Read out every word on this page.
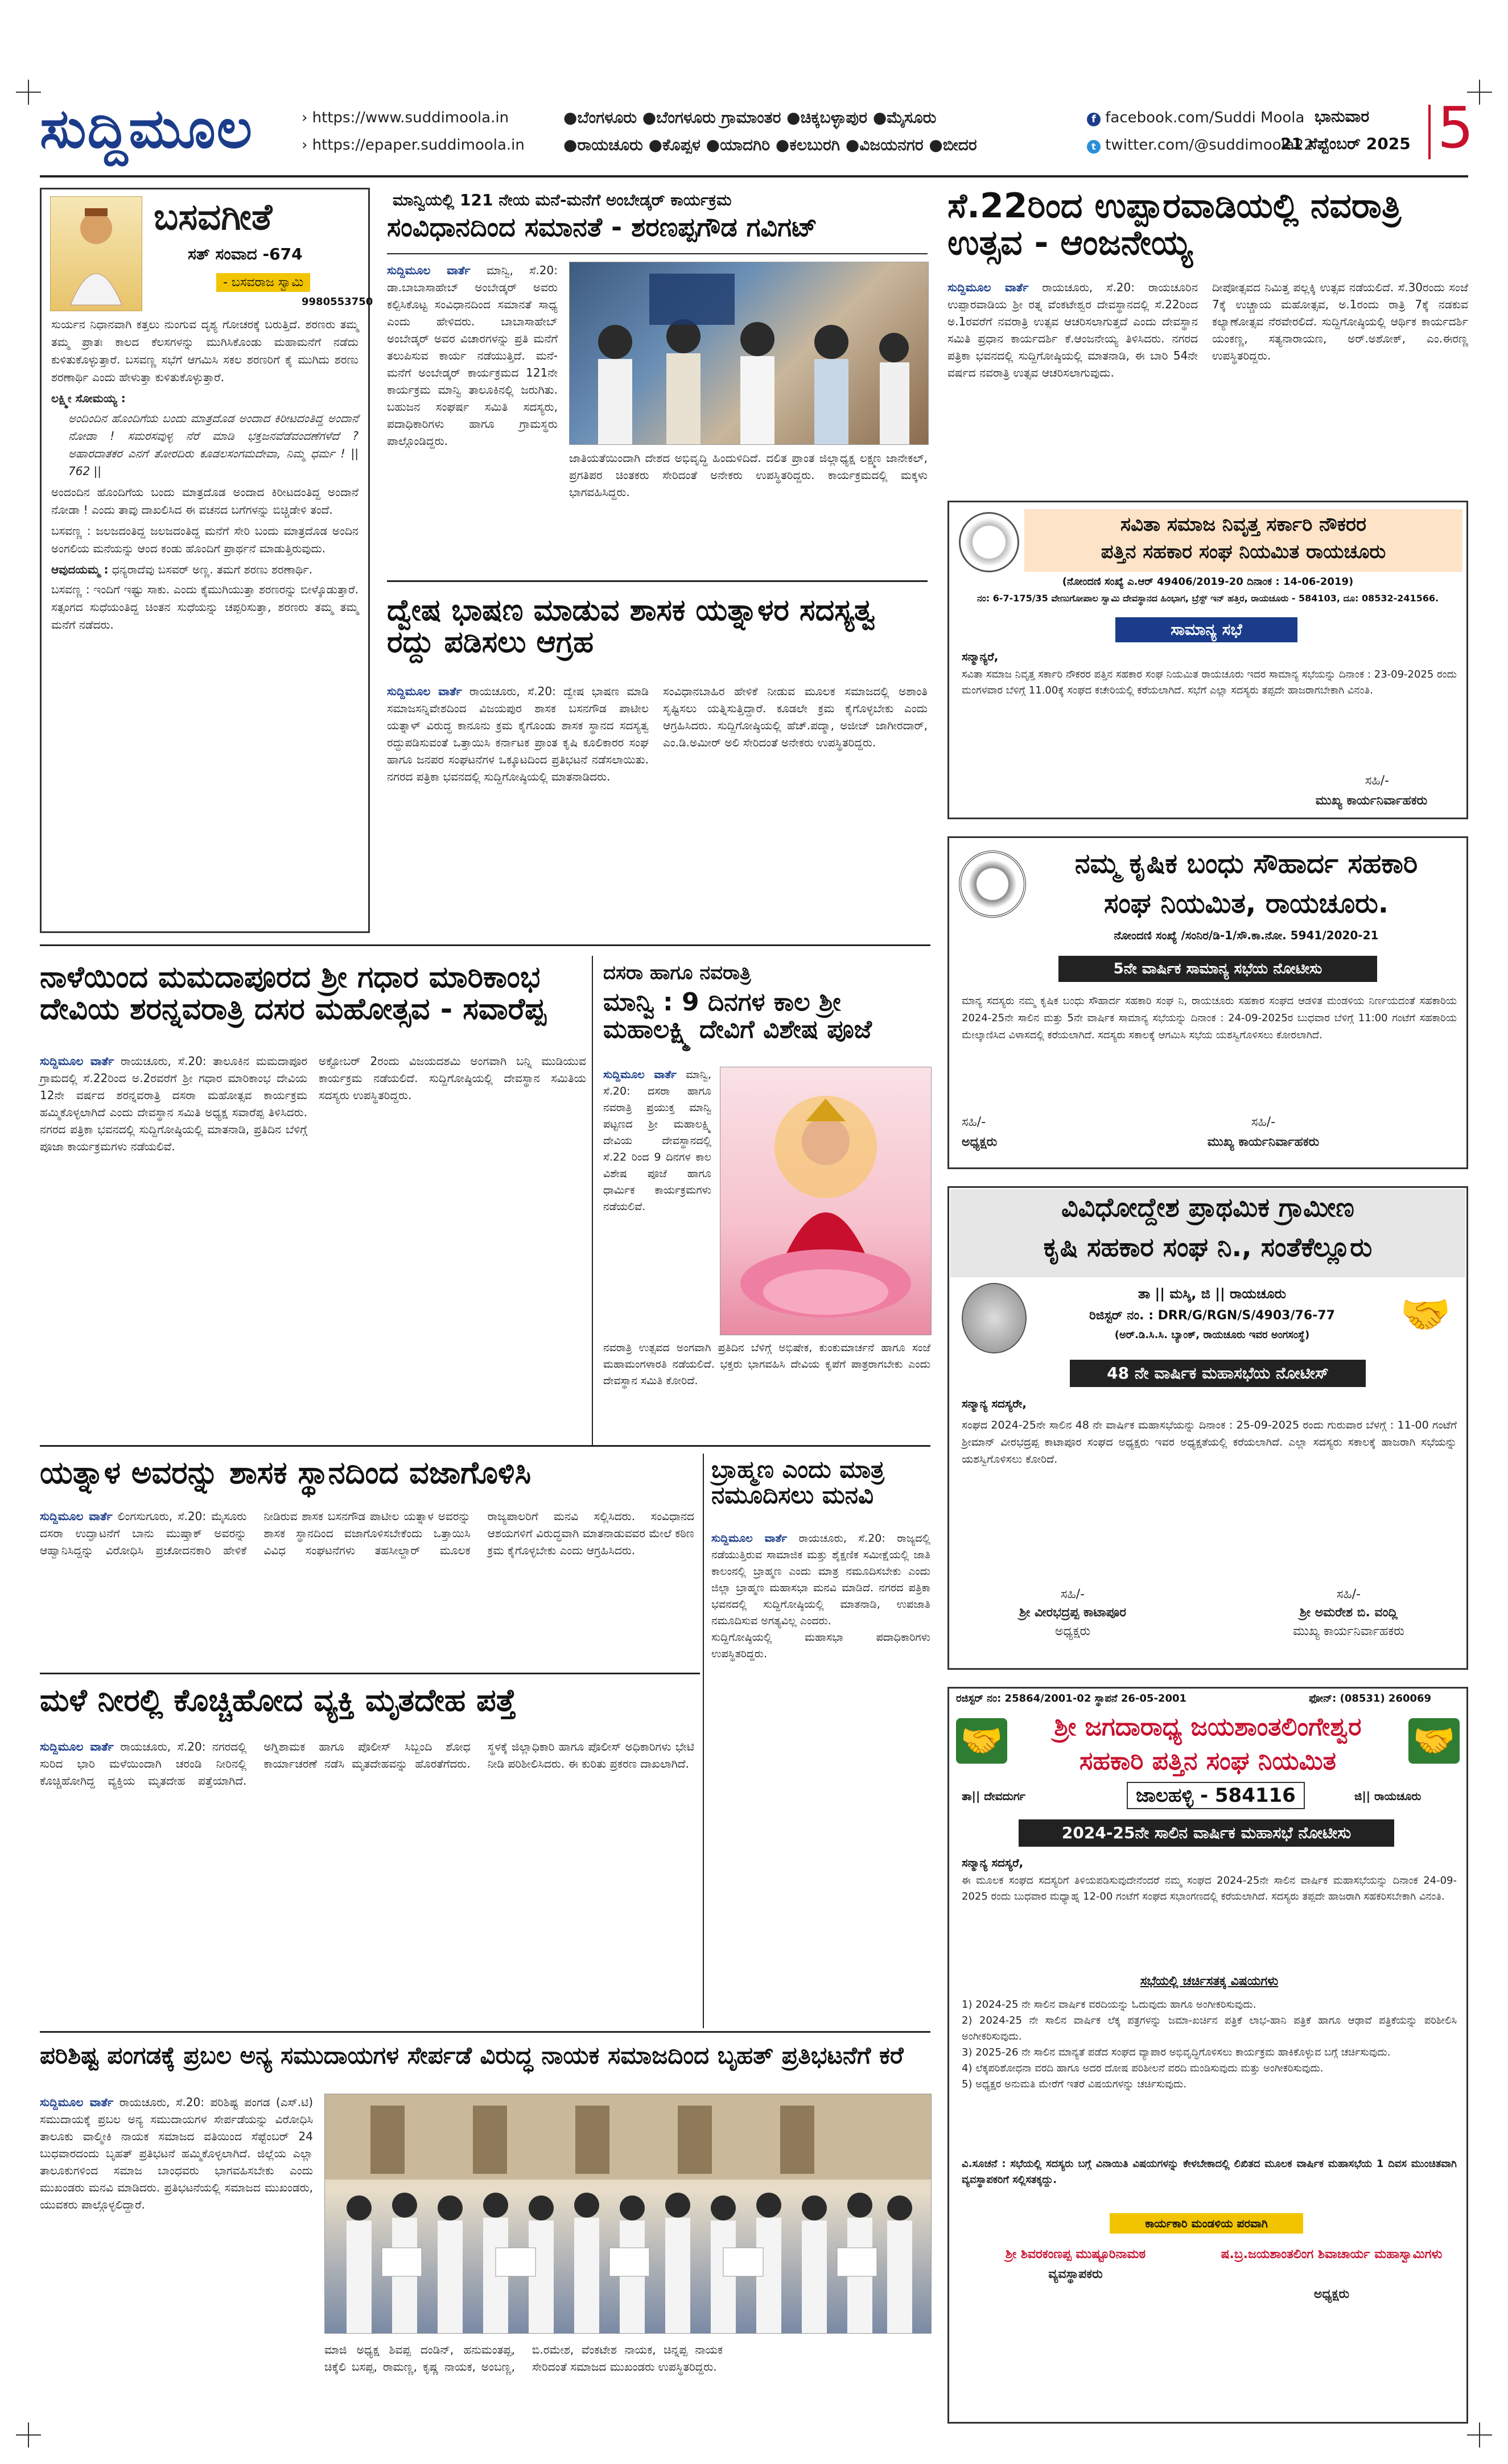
ಸುದ್ದಿಮೂಲ	› https://www.suddimoola.in
› https://epaper.suddimoola.in
●ಬೆಂಗಳೂರು ●ಬೆಂಗಳೂರು ಗ್ರಾಮಾಂತರ ●ಚಿಕ್ಕಬಳ್ಳಾಪುರ ●ಮೈಸೂರು
●ರಾಯಚೂರು ●ಕೊಪ್ಪಳ ●ಯಾದಗಿರಿ ●ಕಲಬುರಗಿ ●ವಿಜಯನಗರ ●ಬೀದರ
f facebook.com/Suddi Moola
t twitter.com/@suddimoola22
ಭಾನುವಾರ
21 ಸೆಪ್ಟೆಂಬರ್ 2025 5
ಬಸವಗೀತೆ
ಸತ್ ಸಂವಾದ -674
- ಬಸವರಾಜ ಸ್ವಾಮಿ
9980553750

ಸುರ್ಯನ ನಿಧಾನವಾಗಿ ಕತ್ತಲು ನುಂಗುವ ದೃಶ್ಯ ಗೋಚರಕ್ಕೆ ಬರುತ್ತಿದೆ. ಶರಣರು ತಮ್ಮ ತಮ್ಮ ಪ್ರಾತಃ ಕಾಲದ ಕೆಲಸಗಳನ್ನು ಮುಗಿಸಿಕೊಂಡು ಮಹಾಮನೆಗೆ ನಡೆದು ಕುಳಿತುಕೊಳ್ಳುತ್ತಾರೆ. ಬಸವಣ್ಣ ಸಭೆಗೆ ಆಗಮಿಸಿ ಸಕಲ ಶರಣರಿಗೆ ಕೈ ಮುಗಿದು ಶರಣು ಶರಣಾರ್ಥಿ ಎಂದು ಹೇಳುತ್ತಾ ಕುಳಿತುಕೊಳ್ಳುತ್ತಾರೆ.

ಲಕ್ಷ್ಮೀ ಸೋಮಯ್ಯ :

ಅಂದಿಂದಿನ ಹೊಂದಿಗೆಯ ಬಂದು ಮಾತ್ರದೊಡ ಅಂದಾದ ಕಿರೀಟದಂತಿದ್ದ ಅಂದಾನೆ ನೋಡಾ ! ಸಮರಸವುಳ್ಳ ನೆರೆ ಮಾಡಿ ಭಕ್ತಜನವೆಡೆವಂದಣೆಗಳೆದೆ ? ಅಹಾರದಾತಕರ ಎನಗೆ ತೋರದಿರು ಕೂಡಲಸಂಗಮದೇವಾ, ನಿಮ್ಮ ಧರ್ಮ ! || 762 ||

ಅಂದಂದಿನ ಹೊಂದಿಗೆಯ ಬಂದು ಮಾತ್ರದೊಡ ಅಂದಾದ ಕಿರೀಟದಂತಿದ್ದ ಅಂದಾನೆ ನೋಡಾ ! ಎಂದು ತಾವು ದಾಖಲಿಸಿದ ಈ ವಚನದ ಬಗೆಗಳನ್ನು ಬಿಚ್ಚಿಡೇಳಿ ತಂದೆ.

ಬಸವಣ್ಣ : ಜಲಜದಂತಿದ್ದ ಜಲಜದಂತಿದ್ದ ಮನೆಗೆ ಸೇರಿ ಬಂದು ಮಾತ್ರದೊಡ ಅಂದಿನ ಅಂಗಲಿಯ ಮನೆಯನ್ನು ಆಂದ ಕಂಡು ಹೊಂದಿಗೆ ಪ್ರಾರ್ಥನೆ ಮಾಡುತ್ತಿರುವುದು.

ಆವುದಯಮ್ಮ : ಧನ್ಯರಾದೆವು ಬಸವರ್ ಅಣ್ಣ. ತಮಗೆ ಶರಣು ಶರಣಾರ್ಥಿ.

ಬಸವಣ್ಣ : ಇಂದಿಗೆ ಇಷ್ಟು ಸಾಕು. ಎಂದು ಕೈಮುಗಿಯುತ್ತಾ ಶರಣರನ್ನು ಬೀಳ್ಕೊಡುತ್ತಾರೆ. ಸತ್ಸಂಗದ ಸುಧೆಯಂತಿದ್ದ ಚಿಂತನ ಸುಧೆಯನ್ನು ಚಪ್ಪರಿಸುತ್ತಾ, ಶರಣರು ತಮ್ಮ ತಮ್ಮ ಮನೆಗೆ ನಡೆದರು.

ಮಾನ್ವಿಯಲ್ಲಿ 121 ನೇಯ ಮನೆ-ಮನೆಗೆ ಅಂಬೇಡ್ಕರ್ ಕಾರ್ಯಕ್ರಮ
ಸಂವಿಧಾನದಿಂದ ಸಮಾನತೆ - ಶರಣಪ್ಪಗೌಡ ಗವಿಗಟ್
ಸುದ್ದಿಮೂಲ ವಾರ್ತೆ ಮಾನ್ವಿ, ಸೆ.20: ಡಾ.ಬಾಬಾಸಾಹೇಬ್ ಅಂಬೇಡ್ಕರ್ ಅವರು ಕಲ್ಪಿಸಿಕೊಟ್ಟ ಸಂವಿಧಾನದಿಂದ ಸಮಾನತೆ ಸಾಧ್ಯ ಎಂದು ಹೇಳಿದರು. ಬಾಬಾಸಾಹೇಬ್ ಅಂಬೇಡ್ಕರ್ ಅವರ ವಿಚಾರಗಳನ್ನು ಪ್ರತಿ ಮನೆಗೆ ತಲುಪಿಸುವ ಕಾರ್ಯ ನಡೆಯುತ್ತಿದೆ. ಮನೆ-ಮನೆಗೆ ಅಂಬೇಡ್ಕರ್ ಕಾರ್ಯಕ್ರಮದ 121ನೇ ಕಾರ್ಯಕ್ರಮ ಮಾನ್ವಿ ತಾಲೂಕಿನಲ್ಲಿ ಜರುಗಿತು. ಬಹುಜನ ಸಂಘರ್ಷ ಸಮಿತಿ ಸದಸ್ಯರು, ಪದಾಧಿಕಾರಿಗಳು ಹಾಗೂ ಗ್ರಾಮಸ್ಥರು ಪಾಲ್ಗೊಂಡಿದ್ದರು.
ಜಾತಿಯತೆಯಿಂದಾಗಿ ದೇಶದ ಅಭಿವೃದ್ಧಿ ಹಿಂದುಳಿದಿದೆ. ದಲಿತ ಪ್ರಾಂತ ಜಿಲ್ಲಾಧ್ಯಕ್ಷ ಲಕ್ಷ್ಮಣ ಜಾನೇಕಲ್, ಪ್ರಗತಿಪರ ಚಿಂತಕರು ಸೇರಿದಂತೆ ಅನೇಕರು ಉಪಸ್ಥಿತರಿದ್ದರು. ಕಾರ್ಯಕ್ರಮದಲ್ಲಿ ಮಕ್ಕಳು ಭಾಗವಹಿಸಿದ್ದರು.
ದ್ವೇಷ ಭಾಷಣ ಮಾಡುವ ಶಾಸಕ ಯತ್ನಾಳರ ಸದಸ್ಯತ್ವ ರದ್ದು ಪಡಿಸಲು ಆಗ್ರಹ
ಸುದ್ದಿಮೂಲ ವಾರ್ತೆ ರಾಯಚೂರು, ಸೆ.20: ದ್ವೇಷ ಭಾಷಣ ಮಾಡಿ ಸಮಾಜಸನ್ನಿವೇಶದಿಂದ ವಿಜಯಪುರ ಶಾಸಕ ಬಸನಗೌಡ ಪಾಟೀಲ ಯತ್ನಾಳ್ ವಿರುದ್ಧ ಕಾನೂನು ಕ್ರಮ ಕೈಗೊಂಡು ಶಾಸಕ ಸ್ಥಾನದ ಸದಸ್ಯತ್ವ ರದ್ದುಪಡಿಸುವಂತೆ ಒತ್ತಾಯಿಸಿ ಕರ್ನಾಟಕ ಪ್ರಾಂತ ಕೃಷಿ ಕೂಲಿಕಾರರ ಸಂಘ ಹಾಗೂ ಜನಪರ ಸಂಘಟನೆಗಳ ಒಕ್ಕೂಟದಿಂದ ಪ್ರತಿಭಟನೆ ನಡೆಸಲಾಯಿತು. ನಗರದ ಪತ್ರಿಕಾ ಭವನದಲ್ಲಿ ಸುದ್ದಿಗೋಷ್ಠಿಯಲ್ಲಿ ಮಾತನಾಡಿದರು.
ಸಂವಿಧಾನಬಾಹಿರ ಹೇಳಿಕೆ ನೀಡುವ ಮೂಲಕ ಸಮಾಜದಲ್ಲಿ ಅಶಾಂತಿ ಸೃಷ್ಟಿಸಲು ಯತ್ನಿಸುತ್ತಿದ್ದಾರೆ. ಕೂಡಲೇ ಕ್ರಮ ಕೈಗೊಳ್ಳಬೇಕು ಎಂದು ಆಗ್ರಹಿಸಿದರು. ಸುದ್ದಿಗೋಷ್ಠಿಯಲ್ಲಿ ಹೆಚ್.ಪದ್ಮಾ, ಅಜೀಜ್ ಜಾಗೀರದಾರ್, ಎಂ.ಡಿ.ಅಮೀರ್ ಅಲಿ ಸೇರಿದಂತೆ ಅನೇಕರು ಉಪಸ್ಥಿತರಿದ್ದರು.
ಸೆ.22ರಿಂದ ಉಪ್ಪಾರವಾಡಿಯಲ್ಲಿ ನವರಾತ್ರಿ ಉತ್ಸವ - ಆಂಜನೇಯ್ಯ
ಸುದ್ದಿಮೂಲ ವಾರ್ತೆ ರಾಯಚೂರು, ಸೆ.20: ರಾಯಚೂರಿನ ಉಪ್ಪಾರವಾಡಿಯ ಶ್ರೀ ರತ್ನ ವೆಂಕಟೇಶ್ವರ ದೇವಸ್ಥಾನದಲ್ಲಿ ಸೆ.22ರಿಂದ ಅ.1ರವರೆಗೆ ನವರಾತ್ರಿ ಉತ್ಸವ ಆಚರಿಸಲಾಗುತ್ತದೆ ಎಂದು ದೇವಸ್ಥಾನ ಸಮಿತಿ ಪ್ರಧಾನ ಕಾರ್ಯದರ್ಶಿ ಕೆ.ಆಂಜನೇಯ್ಯ ತಿಳಿಸಿದರು. ನಗರದ ಪತ್ರಿಕಾ ಭವನದಲ್ಲಿ ಸುದ್ದಿಗೋಷ್ಠಿಯಲ್ಲಿ ಮಾತನಾಡಿ, ಈ ಬಾರಿ 54ನೇ ವರ್ಷದ ನವರಾತ್ರಿ ಉತ್ಸವ ಆಚರಿಸಲಾಗುವುದು.
ದೀಪೋತ್ಸವದ ನಿಮಿತ್ತ ಪಲ್ಲಕ್ಕಿ ಉತ್ಸವ ನಡೆಯಲಿದೆ. ಸೆ.30ರಂದು ಸಂಜೆ 7ಕ್ಕೆ ಉಚ್ಚಾಯ ಮಹೋತ್ಸವ, ಅ.1ರಂದು ರಾತ್ರಿ 7ಕ್ಕೆ ನಡಕುವ ಕಲ್ಯಾಣೋತ್ಸವ ನೆರವೇರಲಿದೆ. ಸುದ್ದಿಗೋಷ್ಠಿಯಲ್ಲಿ ಆರ್ಥಿಕ ಕಾರ್ಯದರ್ಶಿ ಯಂಕಣ್ಣ, ಸತ್ಯನಾರಾಯಣ, ಅರ್.ಅಶೋಕ್, ಎಂ.ಈರಣ್ಣ ಉಪಸ್ಥಿತರಿದ್ದರು.
ಸವಿತಾ ಸಮಾಜ ನಿವೃತ್ತ ಸರ್ಕಾರಿ ನೌಕರರ
ಪತ್ತಿನ ಸಹಕಾರ ಸಂಘ ನಿಯಮಿತ ರಾಯಚೂರು
(ನೋಂದಣಿ ಸಂಖ್ಯೆ ಎ.ಆರ್ 49406/2019-20 ದಿನಾಂಕ : 14-06-2019)
ನಂ: 6-7-175/35 ವೇಣುಗೋಪಾಲ ಸ್ವಾಮಿ ದೇವಸ್ಥಾನದ ಹಿಂಭಾಗ, ಬ್ರೆಸ್ಟ್ ಇನ್ ಹತ್ತಿರ, ರಾಯಚೂರು - 584103, ದೂ: 08532-241566.
ಸಾಮಾನ್ಯ ಸಭೆ
ಸನ್ಮಾನ್ಯರೆ,
ಸವಿತಾ ಸಮಾಜ ನಿವೃತ್ತ ಸರ್ಕಾರಿ ನೌಕರರ ಪತ್ತಿನ ಸಹಕಾರ ಸಂಘ ನಿಯಮಿತ ರಾಯಚೂರು ಇದರ ಸಾಮಾನ್ಯ ಸಭೆಯನ್ನು ದಿನಾಂಕ : 23-09-2025 ರಂದು ಮಂಗಳವಾರ ಬೆಳಿಗ್ಗೆ 11.00ಕ್ಕೆ ಸಂಘದ ಕಚೇರಿಯಲ್ಲಿ ಕರೆಯಲಾಗಿದೆ. ಸಭೆಗೆ ಎಲ್ಲಾ ಸದಸ್ಯರು ತಪ್ಪದೇ ಹಾಜರಾಗಬೇಕಾಗಿ ವಿನಂತಿ.
ಸಹಿ/-
ಮುಖ್ಯ ಕಾರ್ಯನಿರ್ವಾಹಕರು
ನಮ್ಮ ಕೃಷಿಕ ಬಂಧು ಸೌಹಾರ್ದ ಸಹಕಾರಿ
ಸಂಘ ನಿಯಮಿತ, ರಾಯಚೂರು.
ನೋಂದಣಿ ಸಂಖ್ಯೆ /ಸಂನಿರ/ಡಿ-1/ಸೌ.ಕಾ.ನೋ. 5941/2020-21
5ನೇ ವಾರ್ಷಿಕ ಸಾಮಾನ್ಯ ಸಭೆಯ ನೋಟೀಸು
ಮಾನ್ಯ ಸದಸ್ಯರು ನಮ್ಮ ಕೃಷಿಕ ಬಂಧು ಸೌಹಾರ್ದ ಸಹಕಾರಿ ಸಂಘ ನಿ, ರಾಯಚೂರು ಸಹಕಾರ ಸಂಘದ ಆಡಳಿತ ಮಂಡಳಿಯ ನಿರ್ಣಯದಂತೆ ಸಹಕಾರಿಯ 2024-25ನೇ ಸಾಲಿನ ಮತ್ತು 5ನೇ ವಾರ್ಷಿಕ ಸಾಮಾನ್ಯ ಸಭೆಯನ್ನು ದಿನಾಂಕ : 24-09-2025ರ ಬುಧವಾರ ಬೆಳಿಗ್ಗೆ 11:00 ಗಂಟೆಗೆ ಸಹಕಾರಿಯ ಮೇಲ್ಕಾಣಿಸಿದ ವಿಳಾಸದಲ್ಲಿ ಕರೆಯಲಾಗಿದೆ. ಸದಸ್ಯರು ಸಕಾಲಕ್ಕೆ ಆಗಮಿಸಿ ಸಭೆಯ ಯಶಸ್ವಿಗೊಳಿಸಲು ಕೋರಲಾಗಿದೆ.
ಸಹಿ/-
ಅಧ್ಯಕ್ಷರು
ಸಹಿ/-
ಮುಖ್ಯ ಕಾರ್ಯನಿರ್ವಾಹಕರು
ನಾಳೆಯಿಂದ ಮಮದಾಪೂರದ ಶ್ರೀ ಗಧಾರ ಮಾರಿಕಾಂಭ ದೇವಿಯ ಶರನ್ನವರಾತ್ರಿ ದಸರ ಮಹೋತ್ಸವ - ಸವಾರೆಪ್ಪ
ಸುದ್ದಿಮೂಲ ವಾರ್ತೆ ರಾಯಚೂರು, ಸೆ.20: ತಾಲೂಕಿನ ಮಮದಾಪೂರ ಗ್ರಾಮದಲ್ಲಿ ಸೆ.22ರಿಂದ ಅ.2ರವರೆಗೆ ಶ್ರೀ ಗಧಾರ ಮಾರಿಕಾಂಭ ದೇವಿಯ 12ನೇ ವರ್ಷದ ಶರನ್ನವರಾತ್ರಿ ದಸರಾ ಮಹೋತ್ಸವ ಕಾರ್ಯಕ್ರಮ ಹಮ್ಮಿಕೊಳ್ಳಲಾಗಿದೆ ಎಂದು ದೇವಸ್ಥಾನ ಸಮಿತಿ ಅಧ್ಯಕ್ಷ ಸವಾರೆಪ್ಪ ತಿಳಿಸಿದರು. ನಗರದ ಪತ್ರಿಕಾ ಭವನದಲ್ಲಿ ಸುದ್ದಿಗೋಷ್ಠಿಯಲ್ಲಿ ಮಾತನಾಡಿ, ಪ್ರತಿದಿನ ಬೆಳಿಗ್ಗೆ ಪೂಜಾ ಕಾರ್ಯಕ್ರಮಗಳು ನಡೆಯಲಿವೆ.
ಅಕ್ಟೋಬರ್ 2ರಂದು ವಿಜಯದಶಮಿ ಅಂಗವಾಗಿ ಬನ್ನಿ ಮುಡಿಯುವ ಕಾರ್ಯಕ್ರಮ ನಡೆಯಲಿದೆ. ಸುದ್ದಿಗೋಷ್ಠಿಯಲ್ಲಿ ದೇವಸ್ಥಾನ ಸಮಿತಿಯ ಸದಸ್ಯರು ಉಪಸ್ಥಿತರಿದ್ದರು.
ದಸರಾ ಹಾಗೂ ನವರಾತ್ರಿ
ಮಾನ್ವಿ : 9 ದಿನಗಳ ಕಾಲ ಶ್ರೀ ಮಹಾಲಕ್ಷ್ಮಿ ದೇವಿಗೆ ವಿಶೇಷ ಪೂಜೆ
ಸುದ್ದಿಮೂಲ ವಾರ್ತೆ ಮಾನ್ವಿ, ಸೆ.20: ದಸರಾ ಹಾಗೂ ನವರಾತ್ರಿ ಪ್ರಯುಕ್ತ ಮಾನ್ವಿ ಪಟ್ಟಣದ ಶ್ರೀ ಮಹಾಲಕ್ಷ್ಮಿ ದೇವಿಯ ದೇವಸ್ಥಾನದಲ್ಲಿ ಸೆ.22 ರಿಂದ 9 ದಿನಗಳ ಕಾಲ ವಿಶೇಷ ಪೂಜೆ ಹಾಗೂ ಧಾರ್ಮಿಕ ಕಾರ್ಯಕ್ರಮಗಳು ನಡೆಯಲಿವೆ.
ನವರಾತ್ರಿ ಉತ್ಸವದ ಅಂಗವಾಗಿ ಪ್ರತಿದಿನ ಬೆಳಿಗ್ಗೆ ಅಭಿಷೇಕ, ಕುಂಕುಮಾರ್ಚನೆ ಹಾಗೂ ಸಂಜೆ ಮಹಾಮಂಗಳಾರತಿ ನಡೆಯಲಿದೆ. ಭಕ್ತರು ಭಾಗವಹಿಸಿ ದೇವಿಯ ಕೃಪೆಗೆ ಪಾತ್ರರಾಗಬೇಕು ಎಂದು ದೇವಸ್ಥಾನ ಸಮಿತಿ ಕೋರಿದೆ.
ವಿವಿಧೋದ್ದೇಶ ಪ್ರಾಥಮಿಕ ಗ್ರಾಮೀಣ
ಕೃಷಿ ಸಹಕಾರ ಸಂಘ ನಿ., ಸಂತೆಕೆಲ್ಲೂರು
🤝
ತಾ || ಮಸ್ಕಿ, ಜಿ || ರಾಯಚೂರು
ರಿಜಿಸ್ಟರ್ ನಂ. : DRR/G/RGN/S/4903/76-77
(ಅರ್.ಡಿ.ಸಿ.ಸಿ. ಬ್ಯಾಂಕ್, ರಾಯಚೂರು ಇವರ ಅಂಗಸಂಸ್ಥೆ)
48 ನೇ ವಾರ್ಷಿಕ ಮಹಾಸಭೆಯ ನೋಟೀಸ್
ಸನ್ಮಾನ್ಯ ಸದಸ್ಯರೇ,
ಸಂಘದ 2024-25ನೇ ಸಾಲಿನ 48 ನೇ ವಾರ್ಷಿಕ ಮಹಾಸಭೆಯನ್ನು ದಿನಾಂಕ : 25-09-2025 ರಂದು ಗುರುವಾರ ಬೆಳಗ್ಗೆ : 11-00 ಗಂಟೆಗೆ ಶ್ರೀಮಾನ್ ವೀರಭದ್ರಪ್ಪ ಕಾಟಾಪೂರ ಸಂಘದ ಅಧ್ಯಕ್ಷರು ಇವರ ಅಧ್ಯಕ್ಷತೆಯಲ್ಲಿ ಕರೆಯಲಾಗಿದೆ. ಎಲ್ಲಾ ಸದಸ್ಯರು ಸಕಾಲಕ್ಕೆ ಹಾಜರಾಗಿ ಸಭೆಯನ್ನು ಯಶಸ್ವಿಗೊಳಿಸಲು ಕೋರಿದೆ.
ಸಹಿ/-
ಶ್ರೀ ವೀರಭದ್ರಪ್ಪ ಕಾಟಾಪೂರ
ಅಧ್ಯಕ್ಷರು
ಸಹಿ/-
ಶ್ರೀ ಅಮರೇಶ ಬಿ. ವಂದ್ಲಿ
ಮುಖ್ಯ ಕಾರ್ಯನಿರ್ವಾಹಕರು
ಯತ್ನಾಳ ಅವರನ್ನು ಶಾಸಕ ಸ್ಥಾನದಿಂದ ವಜಾಗೊಳಿಸಿ
ಸುದ್ದಿಮೂಲ ವಾರ್ತೆ ಲಿಂಗಸುಗೂರು, ಸೆ.20: ಮೈಸೂರು ದಸರಾ ಉದ್ಘಾಟನೆಗೆ ಬಾನು ಮುಷ್ತಾಕ್ ಅವರನ್ನು ಆಹ್ವಾನಿಸಿದ್ದನ್ನು ವಿರೋಧಿಸಿ ಪ್ರಚೋದನಕಾರಿ ಹೇಳಿಕೆ ನೀಡಿರುವ ಶಾಸಕ ಬಸನಗೌಡ ಪಾಟೀಲ ಯತ್ನಾಳ ಅವರನ್ನು ಶಾಸಕ ಸ್ಥಾನದಿಂದ ವಜಾಗೊಳಿಸಬೇಕೆಂದು ಒತ್ತಾಯಿಸಿ ವಿವಿಧ ಸಂಘಟನೆಗಳು ತಹಸೀಲ್ದಾರ್ ಮೂಲಕ ರಾಜ್ಯಪಾಲರಿಗೆ ಮನವಿ ಸಲ್ಲಿಸಿದರು. ಸಂವಿಧಾನದ ಆಶಯಗಳಿಗೆ ವಿರುದ್ಧವಾಗಿ ಮಾತನಾಡುವವರ ಮೇಲೆ ಕಠಿಣ ಕ್ರಮ ಕೈಗೊಳ್ಳಬೇಕು ಎಂದು ಆಗ್ರಹಿಸಿದರು.
ಬ್ರಾಹ್ಮಣ ಎಂದು ಮಾತ್ರ ನಮೂದಿಸಲು ಮನವಿ
ಸುದ್ದಿಮೂಲ ವಾರ್ತೆ ರಾಯಚೂರು, ಸೆ.20: ರಾಜ್ಯದಲ್ಲಿ ನಡೆಯುತ್ತಿರುವ ಸಾಮಾಜಿಕ ಮತ್ತು ಶೈಕ್ಷಣಿಕ ಸಮೀಕ್ಷೆಯಲ್ಲಿ ಜಾತಿ ಕಾಲಂನಲ್ಲಿ ಬ್ರಾಹ್ಮಣ ಎಂದು ಮಾತ್ರ ನಮೂದಿಸಬೇಕು ಎಂದು ಜಿಲ್ಲಾ ಬ್ರಾಹ್ಮಣ ಮಹಾಸಭಾ ಮನವಿ ಮಾಡಿದೆ. ನಗರದ ಪತ್ರಿಕಾ ಭವನದಲ್ಲಿ ಸುದ್ದಿಗೋಷ್ಠಿಯಲ್ಲಿ ಮಾತನಾಡಿ, ಉಪಜಾತಿ ನಮೂದಿಸುವ ಅಗತ್ಯವಿಲ್ಲ ಎಂದರು.
ಸುದ್ದಿಗೋಷ್ಠಿಯಲ್ಲಿ ಮಹಾಸಭಾ ಪದಾಧಿಕಾರಿಗಳು ಉಪಸ್ಥಿತರಿದ್ದರು.
ಮಳೆ ನೀರಲ್ಲಿ ಕೊಚ್ಚಿಹೋದ ವ್ಯಕ್ತಿ ಮೃತದೇಹ ಪತ್ತೆ
ಸುದ್ದಿಮೂಲ ವಾರ್ತೆ ರಾಯಚೂರು, ಸೆ.20: ನಗರದಲ್ಲಿ ಸುರಿದ ಭಾರಿ ಮಳೆಯಿಂದಾಗಿ ಚರಂಡಿ ನೀರಿನಲ್ಲಿ ಕೊಚ್ಚಿಹೋಗಿದ್ದ ವ್ಯಕ್ತಿಯ ಮೃತದೇಹ ಪತ್ತೆಯಾಗಿದೆ. ಅಗ್ನಿಶಾಮಕ ಹಾಗೂ ಪೊಲೀಸ್ ಸಿಬ್ಬಂದಿ ಶೋಧ ಕಾರ್ಯಾಚರಣೆ ನಡೆಸಿ ಮೃತದೇಹವನ್ನು ಹೊರತೆಗೆದರು. ಸ್ಥಳಕ್ಕೆ ಜಿಲ್ಲಾಧಿಕಾರಿ ಹಾಗೂ ಪೊಲೀಸ್ ಅಧಿಕಾರಿಗಳು ಭೇಟಿ ನೀಡಿ ಪರಿಶೀಲಿಸಿದರು. ಈ ಕುರಿತು ಪ್ರಕರಣ ದಾಖಲಾಗಿದೆ.
ರಜಿಸ್ಟರ್ ನಂ: 25864/2001-02 ಸ್ಥಾಪನೆ 26-05-2001	ಫೋನ್: (08531) 260069
🤝	🤝
ಶ್ರೀ ಜಗದಾರಾಧ್ಯ ಜಯಶಾಂತಲಿಂಗೇಶ್ವರ
ಸಹಕಾರಿ ಪತ್ತಿನ ಸಂಘ ನಿಯಮಿತ
ತಾ|| ದೇವದುರ್ಗ	ಜಾಲಹಳ್ಳಿ - 584116	ಜಿ|| ರಾಯಚೂರು
2024-25ನೇ ಸಾಲಿನ ವಾರ್ಷಿಕ ಮಹಾಸಭೆ ನೋಟೀಸು
ಸನ್ಮಾನ್ಯ ಸದಸ್ಯರೆ,
ಈ ಮೂಲಕ ಸಂಘದ ಸದಸ್ಯರಿಗೆ ತಿಳಿಯಪಡಿಸುವುದೇನೆಂದರೆ ನಮ್ಮ ಸಂಘದ 2024-25ನೇ ಸಾಲಿನ ವಾರ್ಷಿಕ ಮಹಾಸಭೆಯನ್ನು ದಿನಾಂಕ 24-09-2025 ರಂದು ಬುಧವಾರ ಮಧ್ಯಾಹ್ನ 12-00 ಗಂಟೆಗೆ ಸಂಘದ ಸಭಾಂಗಣದಲ್ಲಿ ಕರೆಯಲಾಗಿದೆ. ಸದಸ್ಯರು ತಪ್ಪದೇ ಹಾಜರಾಗಿ ಸಹಕರಿಸಬೇಕಾಗಿ ವಿನಂತಿ.
ಸಭೆಯಲ್ಲಿ ಚರ್ಚಿಸತಕ್ಕ ವಿಷಯಗಳು
1) 2024-25 ನೇ ಸಾಲಿನ ವಾರ್ಷಿಕ ವರದಿಯನ್ನು ಓದುವುದು ಹಾಗೂ ಅಂಗೀಕರಿಸುವುದು.
2) 2024-25 ನೇ ಸಾಲಿನ ವಾರ್ಷಿಕ ಲೆಕ್ಕ ಪತ್ರಗಳನ್ನು ಜಮಾ-ಖರ್ಚಿನ ಪತ್ರಿಕೆ ಲಾಭ-ಹಾನಿ ಪತ್ರಿಕೆ ಹಾಗೂ ಆಢಾವೆ ಪತ್ರಿಕೆಯನ್ನು ಪರಿಶೀಲಿಸಿ ಅಂಗೀಕರಿಸುವುದು.
3) 2025-26 ನೇ ಸಾಲಿನ ಮಾನ್ಯತೆ ಪಡೆದ ಸಂಘದ ವ್ಯಾಪಾರ ಅಭಿವೃದ್ಧಿಗೊಳಿಸಲು ಕಾರ್ಯಕ್ರಮ ಹಾಕಿಕೊಳ್ಳುವ ಬಗ್ಗೆ ಚರ್ಚಿಸುವುದು.
4) ಲೆಕ್ಕಪರಿಶೋಧನಾ ವರದಿ ಹಾಗೂ ಅದರ ದೋಷ ಪರಿಶೀಲನೆ ವರದಿ ಮಂಡಿಸುವುದು ಮತ್ತು ಅಂಗೀಕರಿಸುವುದು.
5) ಅಧ್ಯಕ್ಷರ ಅನುಮತಿ ಮೇರೆಗೆ ಇತರೆ ವಿಷಯಗಳನ್ನು ಚರ್ಚಿಸುವುದು.
ವಿ.ಸೂಚನೆ : ಸಭೆಯಲ್ಲಿ ಸದಸ್ಯರು ಬಗ್ಗೆ ವಿನಾಯಿತಿ ವಿಷಯಗಳನ್ನು ಕೇಳಬೇಕಾದಲ್ಲಿ ಲಿಖಿತದ ಮೂಲಕ ವಾರ್ಷಿಕ ಮಹಾಸಭೆಯ 1 ದಿವಸ ಮುಂಚಿತವಾಗಿ ವ್ಯವಸ್ಥಾಪಕರಿಗೆ ಸಲ್ಲಿಸತಕ್ಕದ್ದು.
ಕಾರ್ಯಕಾರಿ ಮಂಡಳಿಯ ಪರವಾಗಿ
ಶ್ರೀ ಶಿವರಕಂಣಪ್ಪ ಮುಷ್ಟೂರಿನಾಮಠ
ವ್ಯವಸ್ಥಾಪಕರು
ಷ.ಬ್ರ.ಜಯಶಾಂತಲಿಂಗ ಶಿವಾಚಾರ್ಯ ಮಹಾಸ್ವಾಮಿಗಳು
ಅಧ್ಯಕ್ಷರು
ಪರಿಶಿಷ್ಟ ಪಂಗಡಕ್ಕೆ ಪ್ರಬಲ ಅನ್ಯ ಸಮುದಾಯಗಳ ಸೇರ್ಪಡೆ ವಿರುದ್ಧ ನಾಯಕ ಸಮಾಜದಿಂದ ಬೃಹತ್ ಪ್ರತಿಭಟನೆಗೆ ಕರೆ
ಸುದ್ದಿಮೂಲ ವಾರ್ತೆ ರಾಯಚೂರು, ಸೆ.20: ಪರಿಶಿಷ್ಟ ಪಂಗಡ (ಎಸ್.ಟಿ) ಸಮುದಾಯಕ್ಕೆ ಪ್ರಬಲ ಅನ್ಯ ಸಮುದಾಯಗಳ ಸೇರ್ಪಡೆಯನ್ನು ವಿರೋಧಿಸಿ ತಾಲೂಕು ವಾಲ್ಮೀಕಿ ನಾಯಕ ಸಮಾಜದ ವತಿಯಿಂದ ಸೆಪ್ಟೆಂಬರ್ 24 ಬುಧವಾರದಂದು ಬೃಹತ್ ಪ್ರತಿಭಟನೆ ಹಮ್ಮಿಕೊಳ್ಳಲಾಗಿದೆ. ಜಿಲ್ಲೆಯ ಎಲ್ಲಾ ತಾಲೂಕುಗಳಿಂದ ಸಮಾಜ ಬಾಂಧವರು ಭಾಗವಹಿಸಬೇಕು ಎಂದು ಮುಖಂಡರು ಮನವಿ ಮಾಡಿದರು. ಪ್ರತಿಭಟನೆಯಲ್ಲಿ ಸಮಾಜದ ಮುಖಂಡರು, ಯುವಕರು ಪಾಲ್ಗೊಳ್ಳಲಿದ್ದಾರೆ.
ಮಾಜಿ ಅಧ್ಯಕ್ಷ ಶಿವಪ್ಪ ದಂಡಿನ್, ಹನುಮಂತಪ್ಪ, ಚಿಕ್ಕೆಲಿ ಬಸಪ್ಪ, ರಾಮಣ್ಣ, ಕೃಷ್ಣ ನಾಯಕ, ಅಂಬಣ್ಣ, ಬಿ.ರಮೇಶ, ವೆಂಕಟೇಶ ನಾಯಕ, ಚಿನ್ನಪ್ಪ ನಾಯಕ ಸೇರಿದಂತೆ ಸಮಾಜದ ಮುಖಂಡರು ಉಪಸ್ಥಿತರಿದ್ದರು.
